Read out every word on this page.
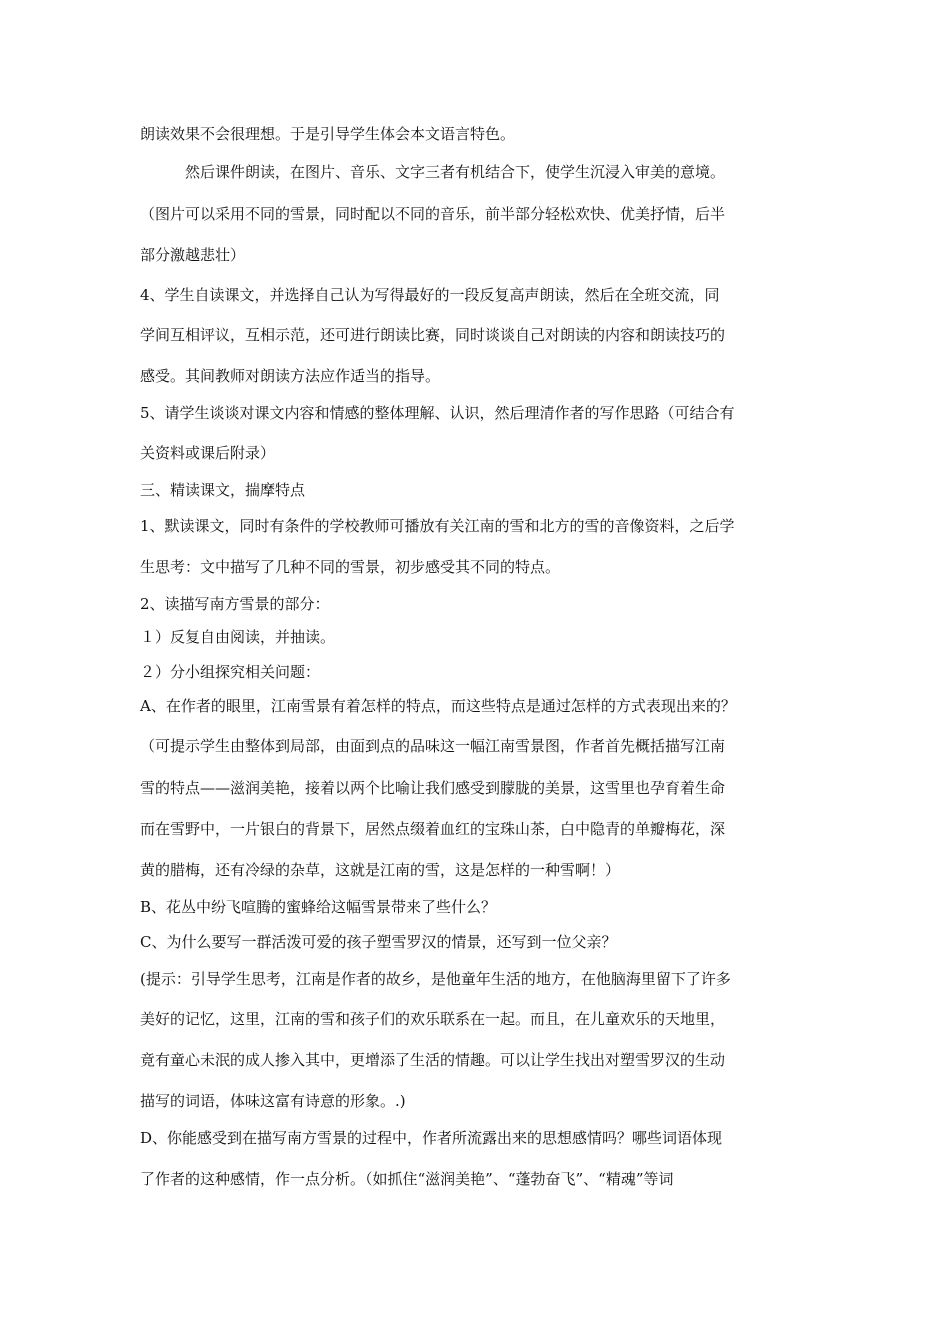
朗读效果不会很理想。于是引导学生体会本文语言特色。
　　　然后课件朗读，在图片、音乐、文字三者有机结合下，使学生沉浸入审美的意境。
（图片可以采用不同的雪景，同时配以不同的音乐，前半部分轻松欢快、优美抒情，后半
部分激越悲壮）
4、学生自读课文，并选择自己认为写得最好的一段反复高声朗读，然后在全班交流，同
学间互相评议，互相示范，还可进行朗读比赛，同时谈谈自己对朗读的内容和朗读技巧的
感受。其间教师对朗读方法应作适当的指导。
5、请学生谈谈对课文内容和情感的整体理解、认识，然后理清作者的写作思路（可结合有
关资料或课后附录）
三、精读课文，揣摩特点
1、默读课文，同时有条件的学校教师可播放有关江南的雪和北方的雪的音像资料，之后学
生思考：文中描写了几种不同的雪景，初步感受其不同的特点。
2、读描写南方雪景的部分：
１）反复自由阅读，并抽读。
２）分小组探究相关问题：
A、在作者的眼里，江南雪景有着怎样的特点，而这些特点是通过怎样的方式表现出来的？
（可提示学生由整体到局部，由面到点的品味这一幅江南雪景图，作者首先概括描写江南
雪的特点——滋润美艳，接着以两个比喻让我们感受到朦胧的美景，这雪里也孕育着生命
而在雪野中，一片银白的背景下，居然点缀着血红的宝珠山茶，白中隐青的单瓣梅花，深
黄的腊梅，还有冷绿的杂草，这就是江南的雪，这是怎样的一种雪啊！）
B、花丛中纷飞喧腾的蜜蜂给这幅雪景带来了些什么？
C、为什么要写一群活泼可爱的孩子塑雪罗汉的情景，还写到一位父亲？
(提示：引导学生思考，江南是作者的故乡，是他童年生活的地方，在他脑海里留下了许多
美好的记忆，这里，江南的雪和孩子们的欢乐联系在一起。而且，在儿童欢乐的天地里，
竟有童心未泯的成人掺入其中，更增添了生活的情趣。可以让学生找出对塑雪罗汉的生动
描写的词语，体味这富有诗意的形象。.)
D、你能感受到在描写南方雪景的过程中，作者所流露出来的思想感情吗？哪些词语体现
了作者的这种感情，作一点分析。（如抓住“滋润美艳”、“蓬勃奋飞”、“精魂”等词
